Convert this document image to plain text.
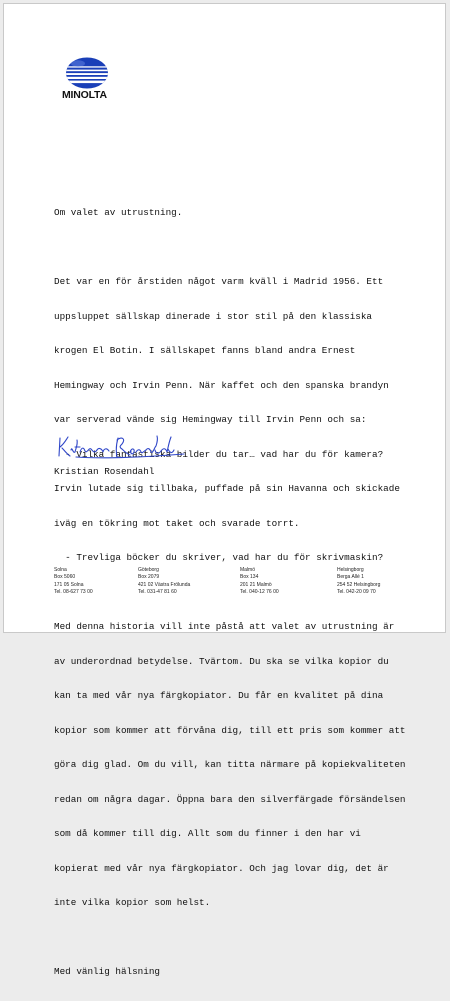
MINOLTA

Om valet av utrustning.

Det var en för årstiden något varm kväll i Madrid 1956. Ett

uppsluppet sällskap dinerade i stor stil på den klassiska

krogen El Botin. I sällskapet fanns bland andra Ernest

Hemingway och Irvin Penn. När kaffet och den spanska brandyn

var serverad vände sig Hemingway till Irvin Penn och sa:

- Vilka fantastiska bilder du tar… vad har du för kamera?

Irvin lutade sig tillbaka, puffade på sin Havanna och skickade

iväg en tökring mot taket och svarade torrt.

- Trevliga böcker du skriver, vad har du för skrivmaskin?

Med denna historia vill inte påstå att valet av utrustning är

av underordnad betydelse. Tvärtom. Du ska se vilka kopior du

kan ta med vår nya färgkopiator. Du får en kvalitet på dina

kopior som kommer att förvåna dig, till ett pris som kommer att

göra dig glad. Om du vill, kan titta närmare på kopiekvaliteten

redan om några dagar. Öppna bara den silverfärgade försändelsen

som då kommer till dig. Allt som du finner i den har vi

kopierat med vår nya färgkopiator. Och jag lovar dig, det är

inte vilka kopior som helst.

Med vänlig hälsning

Kristian Rosendahl
Solna
Box 5060
171 05 Solna
Tel. 08-627 73 00
Göteborg
Box 2079
421 02 Västra Frölunda
Tel. 031-47 81 60
Malmö
Box 134
201 21 Malmö
Tel. 040-12 76 00
Helsingborg
Berga Allé 1
254 52 Helsingborg
Tel. 042-20 09 70
